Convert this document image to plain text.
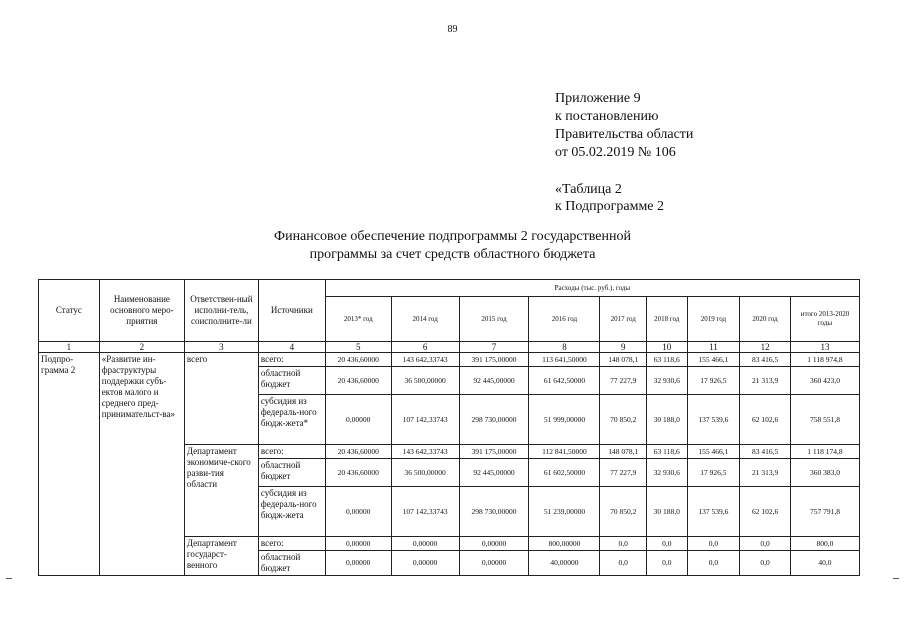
89
Приложение 9
к постановлению
Правительства области
от 05.02.2019 № 106
«Таблица 2
к Подпрограмме 2
Финансовое обеспечение подпрограммы 2 государственной
программы за счет средств областного бюджета
Статус	Наименование основного меро-приятия	Ответствен-ный исполни-тель, соисполните-ли	Источники	Расходы (тыс. руб.), годы								
				2013* год	2014 год	2015 год	2016 год	2017 год	2018 год	2019 год	2020 год	итого 2013-2020 годы
1	2	3	4	5	6	7	8	9	10	11	12	13
Подпро-грамма 2	«Развитие ин-фраструктуры поддержки субъ-ектов малого и среднего пред-принимательст-ва»	всего	всего:	20 436,60000	143 642,33743	391 175,00000	113 641,50000	148 078,1	63 118,6	155 466,1	83 416,5	1 118 974,8
			областной бюджет	20 436,60000	36 500,00000	92 445,00000	61 642,50000	77 227,9	32 930,6	17 926,5	21 313,9	360 423,0
			субсидия из федераль-ного бюдж-жета*	0,00000	107 142,33743	298 730,00000	51 999,00000	70 850,2	30 188,0	137 539,6	62 102,6	758 551,8
		Департамент экономиче-ского разви-тия области	всего:	20 436,60000	143 642,33743	391 175,00000	112 841,50000	148 078,1	63 118,6	155 466,1	83 416,5	1 118 174,8
			областной бюджет	20 436,60000	36 500,00000	92 445,00000	61 602,50000	77 227,9	32 930,6	17 926,5	21 313,9	360 383,0
			субсидия из федераль-ного бюдж-жета	0,00000	107 142,33743	298 730,00000	51 239,00000	70 850,2	30 188,0	137 539,6	62 102,6	757 791,8
		Департамент государст-венного	всего:	0,00000	0,00000	0,00000	800,00000	0,0	0,0	0,0	0,0	800,0
			областной бюджет	0,00000	0,00000	0,00000	40,00000	0,0	0,0	0,0	0,0	40,0
